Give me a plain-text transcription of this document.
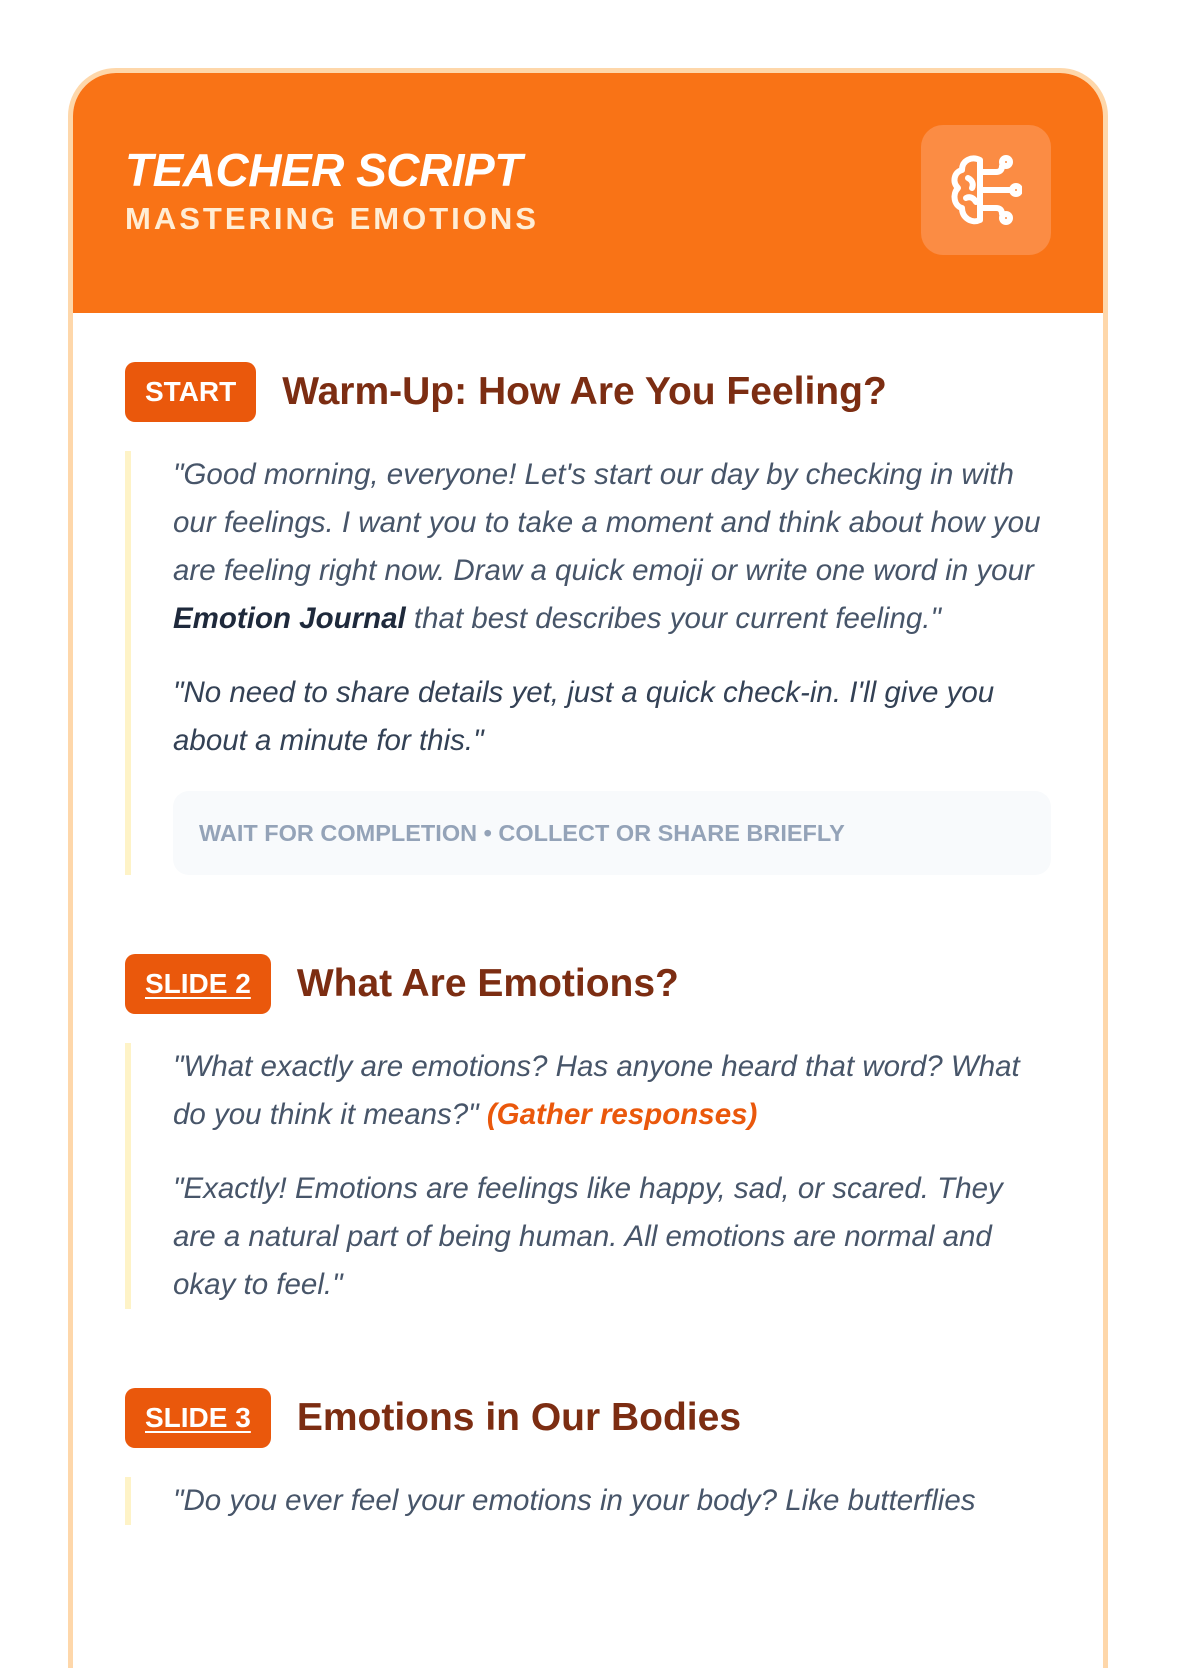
TEACHER SCRIPT
MASTERING EMOTIONS
START	Warm-Up: How Are You Feeling?

"Good morning, everyone! Let's start our day by checking in with our feelings. I want you to take a moment and think about how you are feeling right now. Draw a quick emoji or write one word in your Emotion Journal that best describes your current feeling."

"No need to share details yet, just a quick check-in. I'll give you about a minute for this."

WAIT FOR COMPLETION • COLLECT OR SHARE BRIEFLY
SLIDE 2	What Are Emotions?

"What exactly are emotions? Has anyone heard that word? What do you think it means?" (Gather responses)

"Exactly! Emotions are feelings like happy, sad, or scared. They are a natural part of being human. All emotions are normal and okay to feel."

SLIDE 3	Emotions in Our Bodies

"Do you ever feel your emotions in your body? Like butterflies
